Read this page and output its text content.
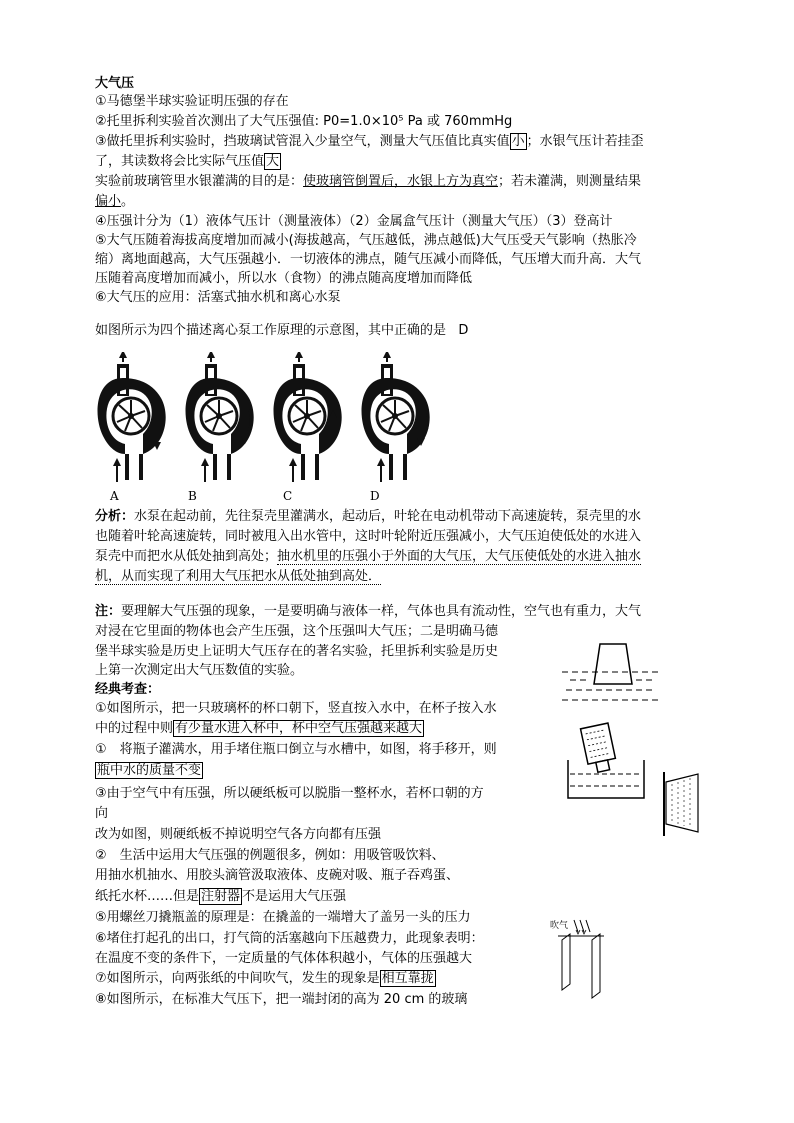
大气压
①马德堡半球实验证明压强的存在
②托里拆利实验首次测出了大气压强值: P0=1.0×10⁵ Pa 或 760mmHg
③做托里拆利实验时，挡玻璃试管混入少量空气，测量大气压值比真实值 小 ；水银气压计若挂歪
了，其读数将会比实际气压值 大
实验前玻璃管里水银灌满的目的是：使玻璃管倒置后，水银上方为真空；若未灌满，则测量结果
偏小。
④压强计分为（1）液体气压计（测量液体）（2）金属盒气压计（测量大气压）（3）登高计
⑤大气压随着海拔高度增加而减小(海拔越高，气压越低，沸点越低)大气压受天气影响（热胀冷
缩）离地面越高，大气压强越小．一切液体的沸点，随气压减小而降低，气压增大而升高．大气
压随着高度增加而减小，所以水（食物）的沸点随高度增加而降低
⑥大气压的应用：活塞式抽水机和离心水泵
如图所示为四个描述离心泵工作原理的示意图，其中正确的是 D
A	B	C	D
分析：水泵在起动前，先往泵壳里灌满水，起动后，叶轮在电动机带动下高速旋转，泵壳里的水
也随着叶轮高速旋转，同时被甩入出水管中，这时叶轮附近压强减小，大气压迫使低处的水进入
泵壳中而把水从低处抽到高处；抽水机里的压强小于外面的大气压，大气压使低处的水进入抽水
机，从而实现了利用大气压把水从低处抽到高处．
注：要理解大气压强的现象，一是要明确与液体一样，气体也具有流动性，空气也有重力，大气
对浸在它里面的物体也会产生压强，这个压强叫大气压；二是明确马德
堡半球实验是历史上证明大气压存在的著名实验，托里拆利实验是历史
上第一次测定出大气压数值的实验。
经典考查：
①如图所示，把一只玻璃杯的杯口朝下，竖直按入水中，在杯子按入水
中的过程中则 有少量水进入杯中，杯中空气压强越来越大
①　将瓶子灌满水，用手堵住瓶口倒立与水槽中，如图，将手移开，则
瓶中水的质量不变
③由于空气中有压强，所以硬纸板可以脱脂一整杯水，若杯口朝的方
向
改为如图，则硬纸板不掉说明空气各方向都有压强
②　生活中运用大气压强的例题很多，例如：用吸管吸饮料、
用抽水机抽水、用胶头滴管汲取液体、皮碗对吸、瓶子吞鸡蛋、
纸托水杯……但是 注射器 不是运用大气压强
⑤用螺丝刀撬瓶盖的原理是：在撬盖的一端增大了盖另一头的压力
⑥堵住打起孔的出口，打气筒的活塞越向下压越费力，此现象表明：
在温度不变的条件下，一定质量的气体体积越小，气体的压强越大
⑦如图所示，向两张纸的中间吹气，发生的现象是 相互靠拢
⑧如图所示，在标准大气压下，把一端封闭的高为 20 cm 的玻璃
吹气
